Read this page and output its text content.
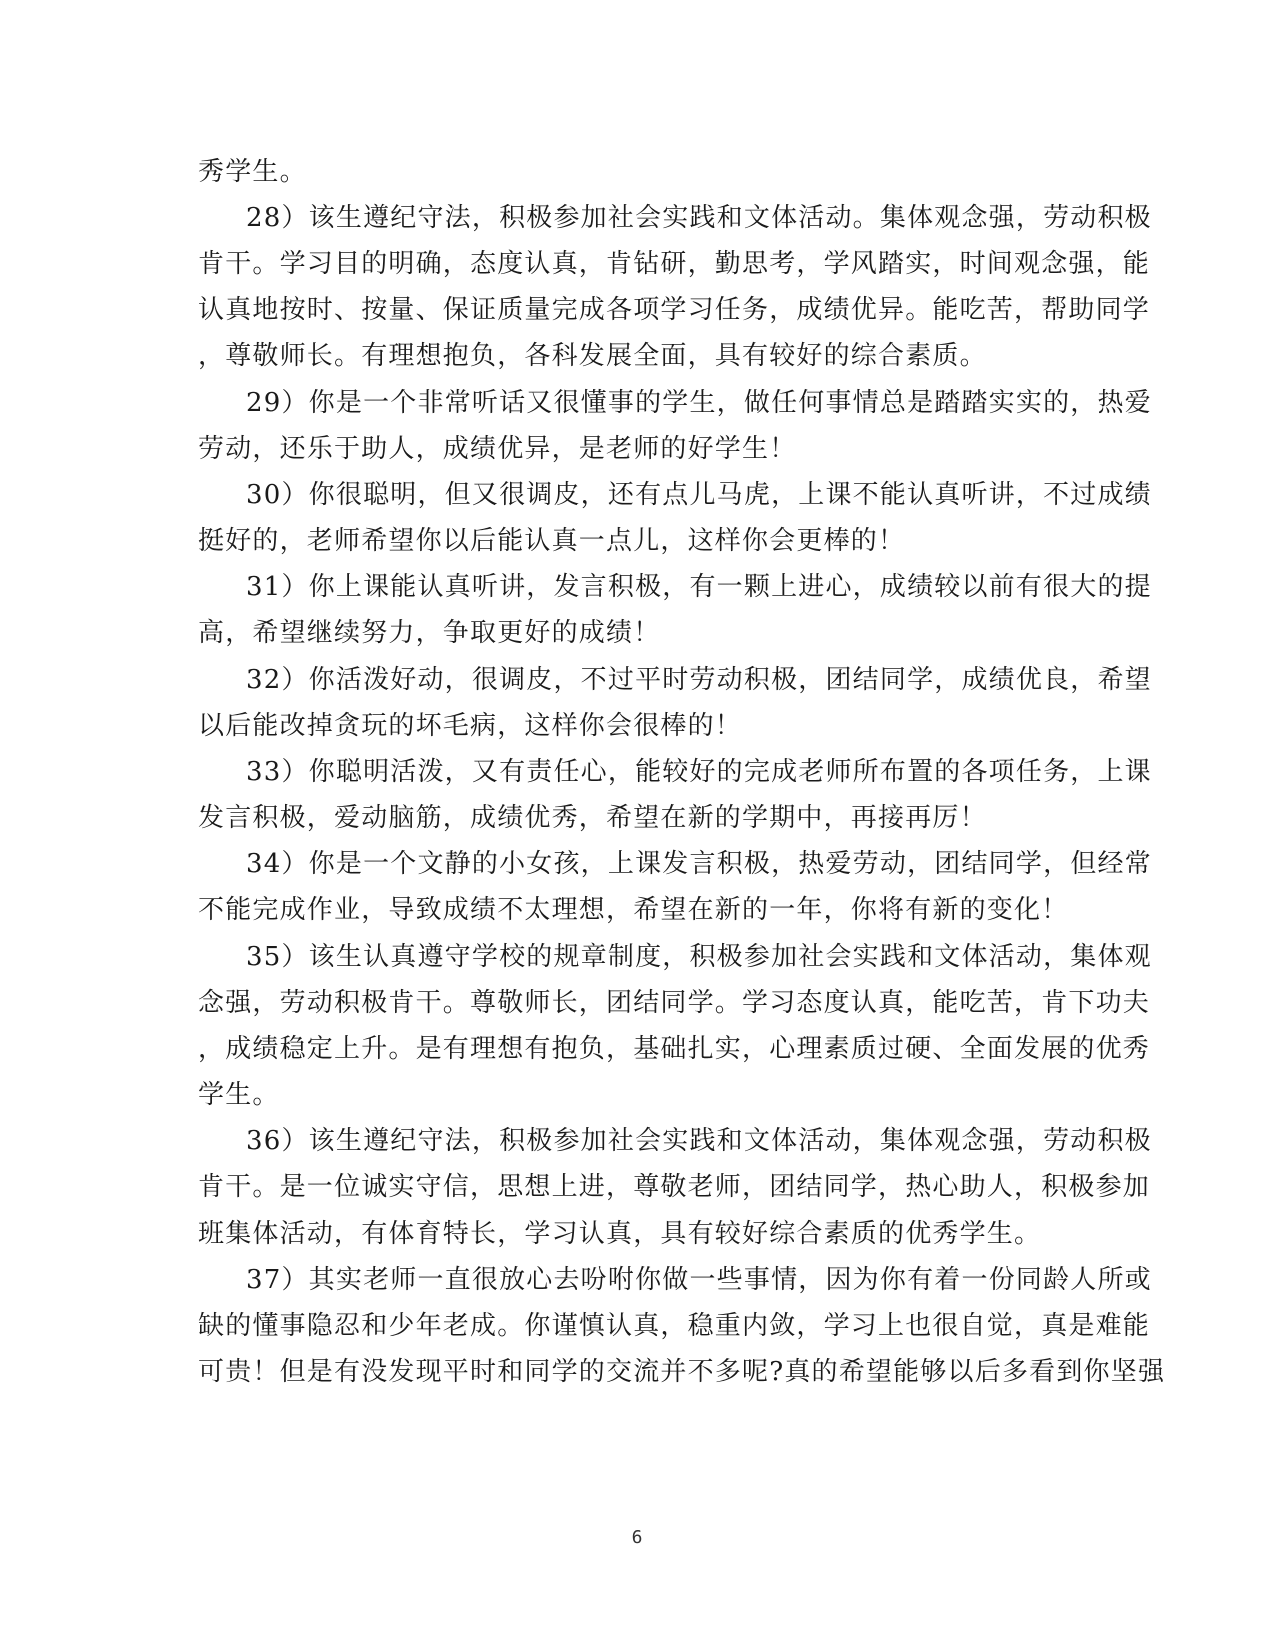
秀学生。
28）该生遵纪守法，积极参加社会实践和文体活动。集体观念强，劳动积极
肯干。学习目的明确，态度认真，肯钻研，勤思考，学风踏实，时间观念强，能
认真地按时、按量、保证质量完成各项学习任务，成绩优异。能吃苦，帮助同学
，尊敬师长。有理想抱负，各科发展全面，具有较好的综合素质。
29）你是一个非常听话又很懂事的学生，做任何事情总是踏踏实实的，热爱
劳动，还乐于助人，成绩优异，是老师的好学生！
30）你很聪明，但又很调皮，还有点儿马虎，上课不能认真听讲，不过成绩
挺好的，老师希望你以后能认真一点儿，这样你会更棒的！
31）你上课能认真听讲，发言积极，有一颗上进心，成绩较以前有很大的提
高，希望继续努力，争取更好的成绩！
32）你活泼好动，很调皮，不过平时劳动积极，团结同学，成绩优良，希望
以后能改掉贪玩的坏毛病，这样你会很棒的！
33）你聪明活泼，又有责任心，能较好的完成老师所布置的各项任务，上课
发言积极，爱动脑筋，成绩优秀，希望在新的学期中，再接再厉！
34）你是一个文静的小女孩，上课发言积极，热爱劳动，团结同学，但经常
不能完成作业，导致成绩不太理想，希望在新的一年，你将有新的变化！
35）该生认真遵守学校的规章制度，积极参加社会实践和文体活动，集体观
念强，劳动积极肯干。尊敬师长，团结同学。学习态度认真，能吃苦，肯下功夫
，成绩稳定上升。是有理想有抱负，基础扎实，心理素质过硬、全面发展的优秀
学生。
36）该生遵纪守法，积极参加社会实践和文体活动，集体观念强，劳动积极
肯干。是一位诚实守信，思想上进，尊敬老师，团结同学，热心助人，积极参加
班集体活动，有体育特长，学习认真，具有较好综合素质的优秀学生。
37）其实老师一直很放心去吩咐你做一些事情，因为你有着一份同龄人所或
缺的懂事隐忍和少年老成。你谨慎认真，稳重内敛，学习上也很自觉，真是难能
可贵！但是有没发现平时和同学的交流并不多呢?真的希望能够以后多看到你坚强
6
